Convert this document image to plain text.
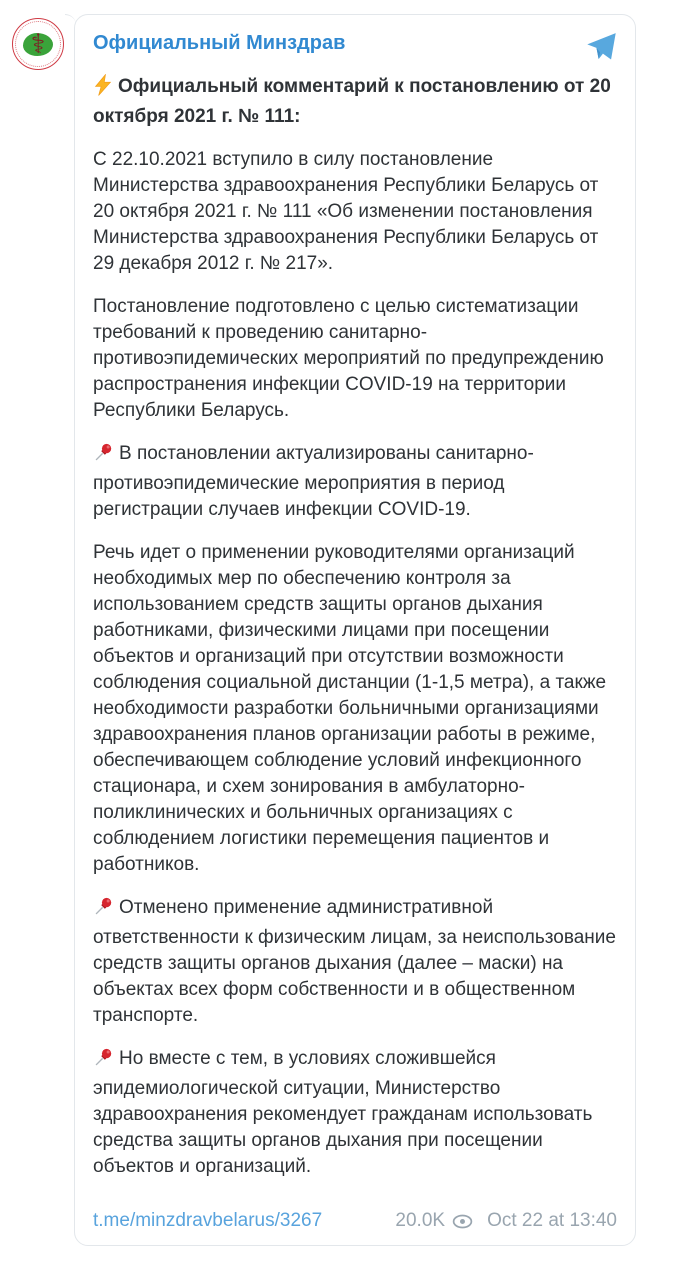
⚕ Официальный Минздрав

Официальный комментарий к постановлению от 20 октября 2021 г. № 111:

С 22.10.2021 вступило в силу постановление Министерства здравоохранения Республики Беларусь от 20 октября 2021 г. № 111 «Об изменении постановления Министерства здравоохранения Республики Беларусь от 29 декабря 2012 г. № 217».

Постановление подготовлено с целью систематизации требований к проведению санитарно-противоэпидемических мероприятий по предупреждению распространения инфекции COVID-19 на территории Республики Беларусь.

В постановлении актуализированы санитарно-противоэпидемические мероприятия в период регистрации случаев инфекции COVID-19.

Речь идет о применении руководителями организаций необходимых мер по обеспечению контроля за использованием средств защиты органов дыхания работниками, физическими лицами при посещении объектов и организаций при отсутствии возможности соблюдения социальной дистанции (1-1,5 метра), а также необходимости разработки больничными организациями здравоохранения планов организации работы в режиме, обеспечивающем соблюдение условий инфекционного стационара, и схем зонирования в амбулаторно-поликлинических и больничных организациях с соблюдением логистики перемещения пациентов и работников.

Отменено применение административной ответственности к физическим лицам, за неиспользование средств защиты органов дыхания (далее – маски) на объектах всех форм собственности и в общественном транспорте.

Но вместе с тем, в условиях сложившейся эпидемиологической ситуации, Министерство здравоохранения рекомендует гражданам использовать средства защиты органов дыхания при посещении объектов и организаций.

t.me/minzdravbelarus/3267	20.0K Oct 22 at 13:40
